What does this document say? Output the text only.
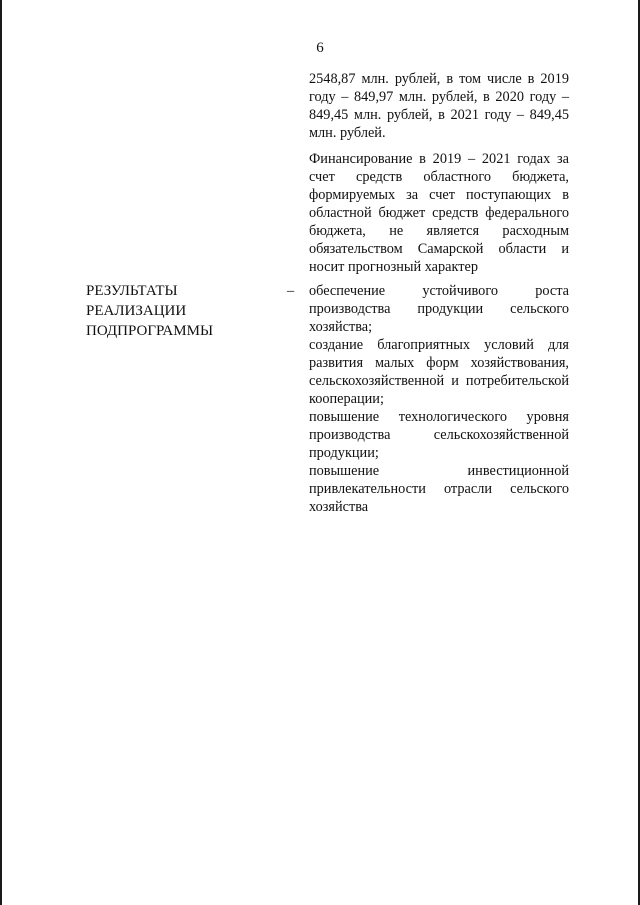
6

2548,87 млн. рублей, в том числе в 2019 году – 849,97 млн. рублей, в 2020 году – 849,45 млн. рублей, в 2021 году – 849,45 млн. рублей.

Финансирование в 2019 – 2021 годах за счет средств областного бюджета, формируемых за счет поступающих в областной бюджет средств федерального бюджета, не является расходным обязательством Самарской области и носит прогнозный характер

РЕЗУЛЬТАТЫ
РЕАЛИЗАЦИИ
ПОДПРОГРАММЫ
– обеспечение устойчивого роста производства продукции сельского хозяйства;

создание благоприятных условий для развития малых форм хозяйствования, сельскохозяйственной и потребительской кооперации;

повышение технологического уровня производства сельскохозяйственной продукции;

повышение инвестиционной привлекательности отрасли сельского хозяйства
